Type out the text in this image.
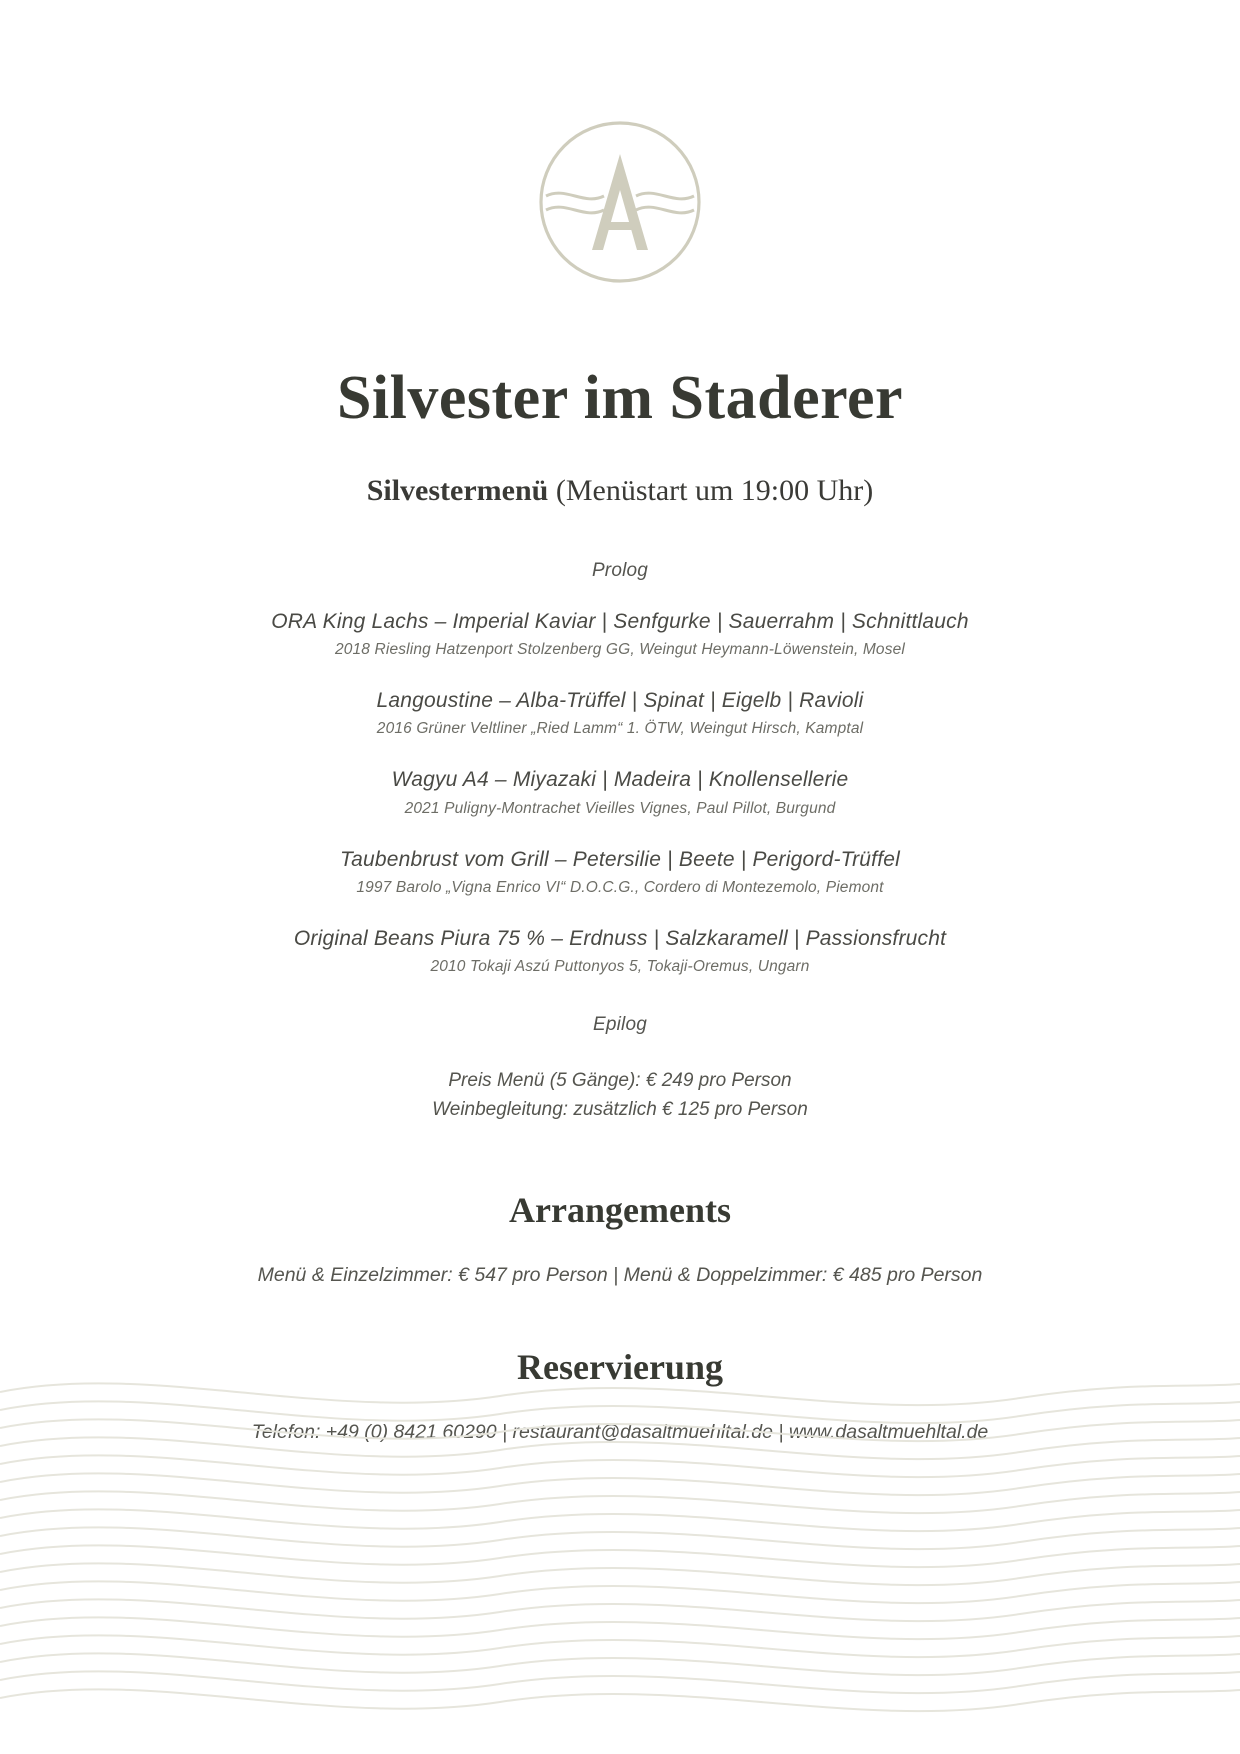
Silvester im Staderer
Silvestermenü (Menüstart um 19:00 Uhr)
Prolog
ORA King Lachs – Imperial Kaviar | Senfgurke | Sauerrahm | Schnittlauch
2018 Riesling Hatzenport Stolzenberg GG, Weingut Heymann-Löwenstein, Mosel
Langoustine – Alba-Trüffel | Spinat | Eigelb | Ravioli
2016 Grüner Veltliner „Ried Lamm“ 1. ÖTW, Weingut Hirsch, Kamptal
Wagyu A4 – Miyazaki | Madeira | Knollensellerie
2021 Puligny-Montrachet Vieilles Vignes, Paul Pillot, Burgund
Taubenbrust vom Grill – Petersilie | Beete | Perigord-Trüffel
1997 Barolo „Vigna Enrico VI“ D.O.C.G., Cordero di Montezemolo, Piemont
Original Beans Piura 75 % – Erdnuss | Salzkaramell | Passionsfrucht
2010 Tokaji Aszú Puttonyos 5, Tokaji-Oremus, Ungarn
Epilog
Preis Menü (5 Gänge): € 249 pro Person
Weinbegleitung: zusätzlich € 125 pro Person
Arrangements
Menü & Einzelzimmer: € 547 pro Person | Menü & Doppelzimmer: € 485 pro Person
Reservierung
Telefon: +49 (0) 8421 60290 | restaurant@dasaltmuehltal.de | www.dasaltmuehltal.de
